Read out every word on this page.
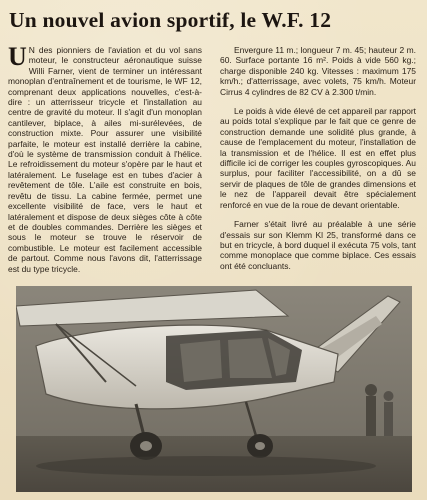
Un nouvel avion sportif, le W.F. 12

U N des pionniers de l'aviation et du vol sans moteur, le constructeur aéronautique suisse Willi Farner, vient de terminer un intéressant monoplan d'entraînement et de tourisme, le WF 12, comprenant deux applications nouvelles, c'est-à-dire : un atterrisseur tricycle et l'installation au centre de gravité du moteur. Il s'agit d'un monoplan cantilever, biplace, à ailes mi-surélevées, de construction mixte. Pour assurer une visibilité parfaite, le moteur est installé derrière la cabine, d'où le système de transmission conduit à l'hélice. Le refroidissement du moteur s'opère par le haut et latéralement. Le fuselage est en tubes d'acier à revêtement de tôle. L'aile est construite en bois, revêtu de tissu. La cabine fermée, permet une excellente visibilité de face, vers le haut et latéralement et dispose de deux sièges côte à côte et de doubles commandes. Derrière les sièges et sous le moteur se trouve le réservoir de combustible. Le moteur est facilement accessible de partout. Comme nous l'avons dit, l'atterrissage est du type tricycle.

Envergure 11 m.; longueur 7 m. 45; hauteur 2 m. 60. Surface portante 16 m². Poids à vide 560 kg.; charge disponible 240 kg. Vitesses : maximum 175 km/h.; d'atterrissage, avec volets, 75 km/h. Moteur Cirrus 4 cylindres de 82 CV à 2.300 t/min.

Le poids à vide élevé de cet appareil par rapport au poids total s'explique par le fait que ce genre de construction demande une solidité plus grande, à cause de l'emplacement du moteur, l'installation de la transmission et de l'hélice. Il est en effet plus difficile ici de corriger les couples gyroscopiques. Au surplus, pour faciliter l'accessibilité, on a dû se servir de plaques de tôle de grandes dimensions et le nez de l'appareil devait être spécialement renforcé en vue de la roue de devant orientable.

Farner s'était livré au préalable à une série d'essais sur son Klemm Kl 25, transformé dans ce but en tricycle, à bord duquel il exécuta 75 vols, tant comme monoplace que comme biplace. Ces essais ont été concluants.
